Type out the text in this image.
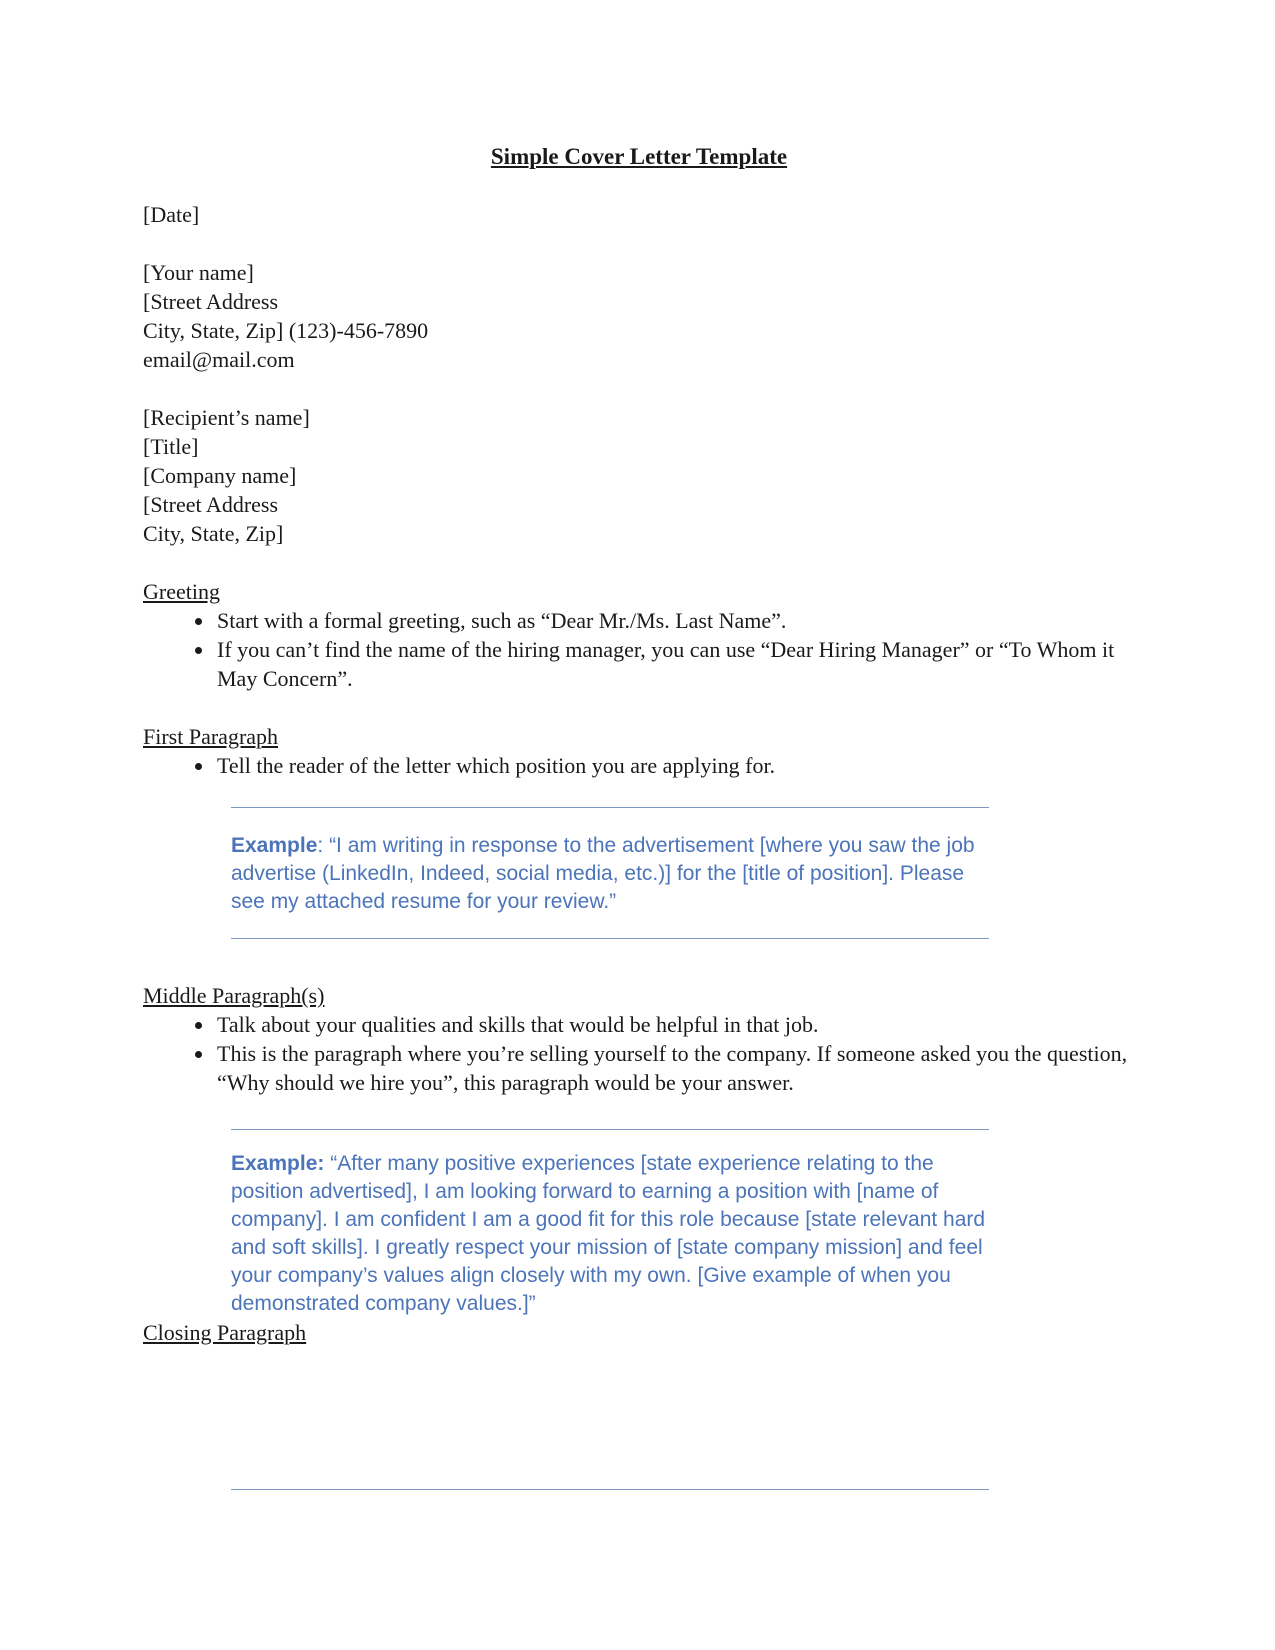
Simple Cover Letter Template

[Date]

[Your name]

[Street Address

City, State, Zip] (123)-456-7890

email@mail.com

[Recipient’s name]

[Title]

[Company name]

[Street Address

City, State, Zip]

Greeting
• Start with a formal greeting, such as “Dear Mr./Ms. Last Name”.
• If you can’t find the name of the hiring manager, you can use “Dear Hiring Manager” or “To Whom it May Concern”.
First Paragraph
• Tell the reader of the letter which position you are applying for.

Example: “I am writing in response to the advertisement [where you saw the job advertise (LinkedIn, Indeed, social media, etc.)] for the [title of position]. Please see my attached resume for your review.”

Middle Paragraph(s)
• Talk about your qualities and skills that would be helpful in that job.
• This is the paragraph where you’re selling yourself to the company. If someone asked you the question, “Why should we hire you”, this paragraph would be your answer.

Example: “After many positive experiences [state experience relating to the position advertised], I am looking forward to earning a position with [name of company]. I am confident I am a good fit for this role because [state relevant hard and soft skills]. I greatly respect your mission of [state company mission] and feel your company’s values align closely with my own. [Give example of when you demonstrated company values.]”

Closing Paragraph
